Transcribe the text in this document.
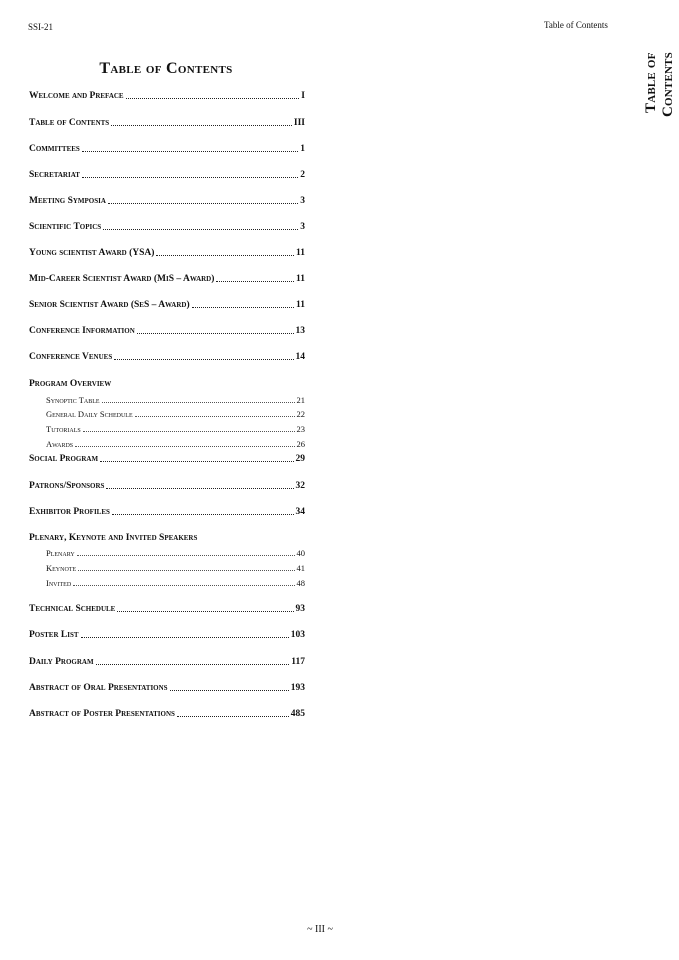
SSI-21	Table of Contents
Table of Contents
Table of Contents
Welcome and Preface	I
Table of Contents	III
Committees	1
Secretariat	2
Meeting Symposia	3
Scientific Topics	3
Young scientist Award (YSA)	11
Mid-Career Scientist Award (MiS – Award)	11
Senior Scientist Award (SeS – Award)	11
Conference Information	13
Conference Venues	14
Program Overview
Synoptic Table	21
General Daily Schedule	22
Tutorials	23
Awards	26
Social Program	29
Patrons/Sponsors	32
Exhibitor Profiles	34
Plenary, Keynote and Invited Speakers
Plenary	40
Keynote	41
Invited	48
Technical Schedule	93
Poster List	103
Daily Program	117
Abstract of Oral Presentations	193
Abstract of Poster Presentations	485
~ III ~
